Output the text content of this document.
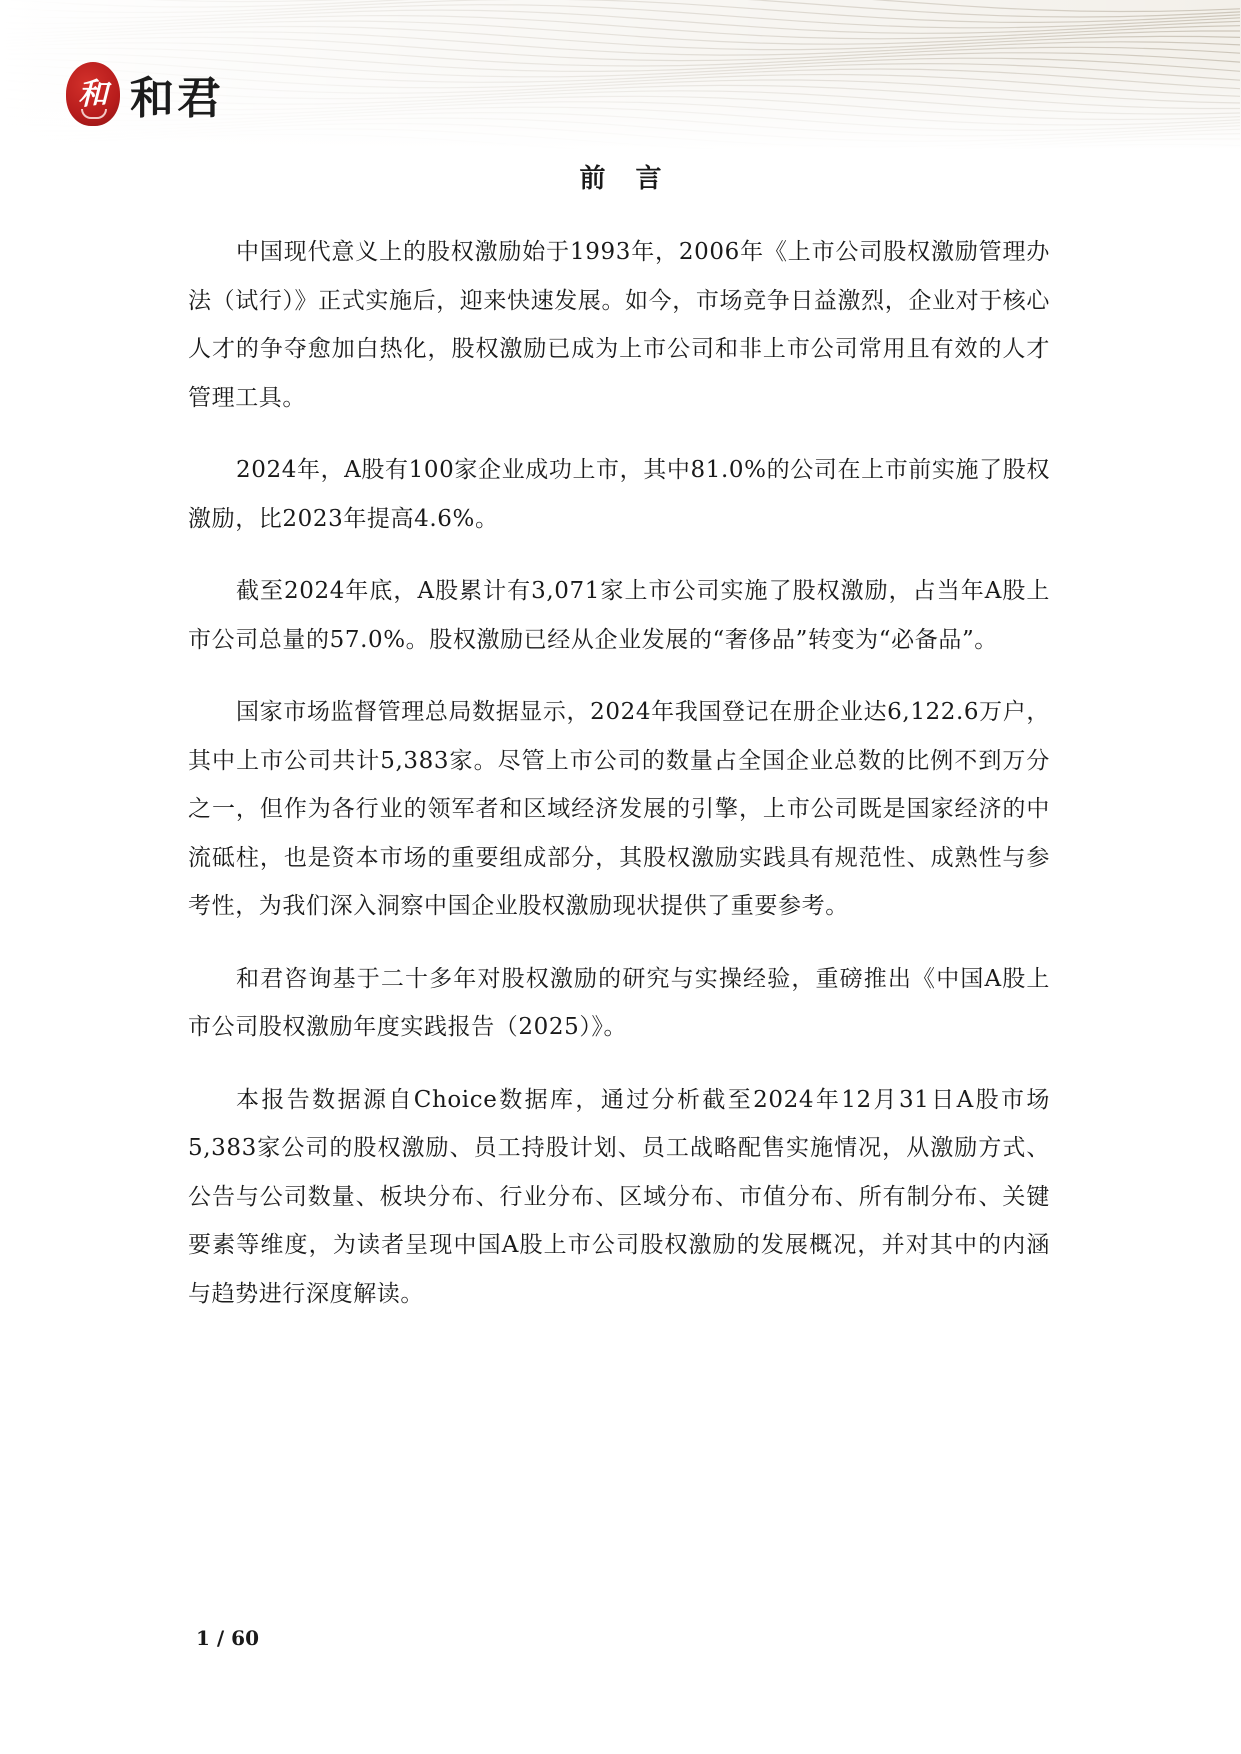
和 和君
前言

中国现代意义上的股权激励始于1993年，2006年《上市公司股权激励管理办法（试行）》正式实施后，迎来快速发展。如今，市场竞争日益激烈，企业对于核心人才的争夺愈加白热化，股权激励已成为上市公司和非上市公司常用且有效的人才管理工具。

2024年，A股有100家企业成功上市，其中81.0%的公司在上市前实施了股权激励，比2023年提高4.6%。

截至2024年底，A股累计有3,071家上市公司实施了股权激励，占当年A股上市公司总量的57.0%。股权激励已经从企业发展的“奢侈品”转变为“必备品”。

国家市场监督管理总局数据显示，2024年我国登记在册企业达6,122.6万户，其中上市公司共计5,383家。尽管上市公司的数量占全国企业总数的比例不到万分之一，但作为各行业的领军者和区域经济发展的引擎，上市公司既是国家经济的中流砥柱，也是资本市场的重要组成部分，其股权激励实践具有规范性、成熟性与参考性，为我们深入洞察中国企业股权激励现状提供了重要参考。

和君咨询基于二十多年对股权激励的研究与实操经验，重磅推出《中国A股上市公司股权激励年度实践报告（2025）》。

本报告数据源自Choice数据库，通过分析截至2024年12月31日A股市场5,383家公司的股权激励、员工持股计划、员工战略配售实施情况，从激励方式、公告与公司数量、板块分布、行业分布、区域分布、市值分布、所有制分布、关键要素等维度，为读者呈现中国A股上市公司股权激励的发展概况，并对其中的内涵与趋势进行深度解读。

1 / 60
